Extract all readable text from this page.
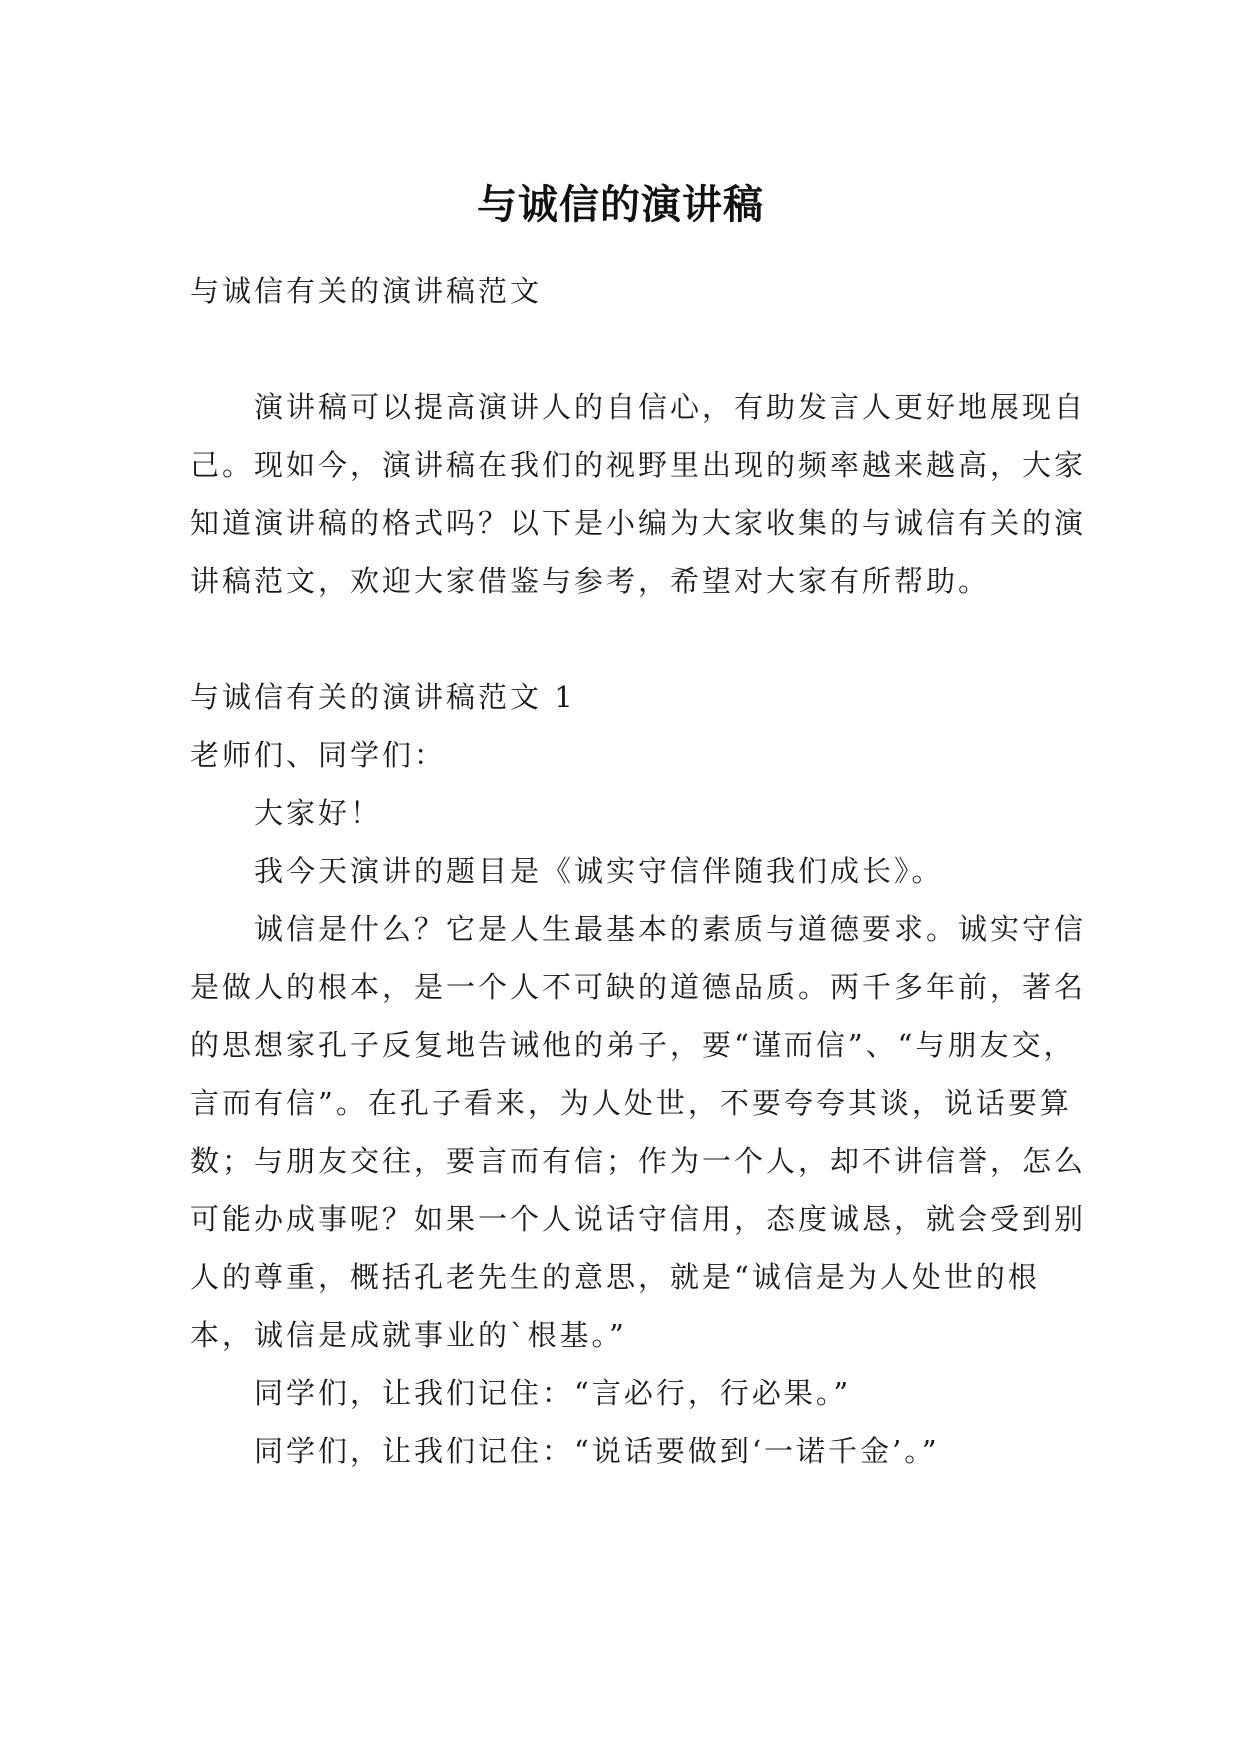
与诚信的演讲稿

与诚信有关的演讲稿范文

演讲稿可以提高演讲人的自信心，有助发言人更好地展现自己。现如今，演讲稿在我们的视野里出现的频率越来越高，大家知道演讲稿的格式吗？以下是小编为大家收集的与诚信有关的演讲稿范文，欢迎大家借鉴与参考，希望对大家有所帮助。

与诚信有关的演讲稿范文 1

老师们、同学们：

大家好！

我今天演讲的题目是《诚实守信伴随我们成长》。

诚信是什么？它是人生最基本的素质与道德要求。诚实守信是做人的根本，是一个人不可缺的道德品质。两千多年前，著名的思想家孔子反复地告诫他的弟子，要“谨而信”、“与朋友交，言而有信”。在孔子看来，为人处世，不要夸夸其谈，说话要算数；与朋友交往，要言而有信；作为一个人，却不讲信誉，怎么可能办成事呢？如果一个人说话守信用，态度诚恳，就会受到别人的尊重，概括孔老先生的意思，就是“诚信是为人处世的根本，诚信是成就事业的`根基。”

同学们，让我们记住：“言必行，行必果。”

同学们，让我们记住：“说话要做到‘一诺千金’。”
